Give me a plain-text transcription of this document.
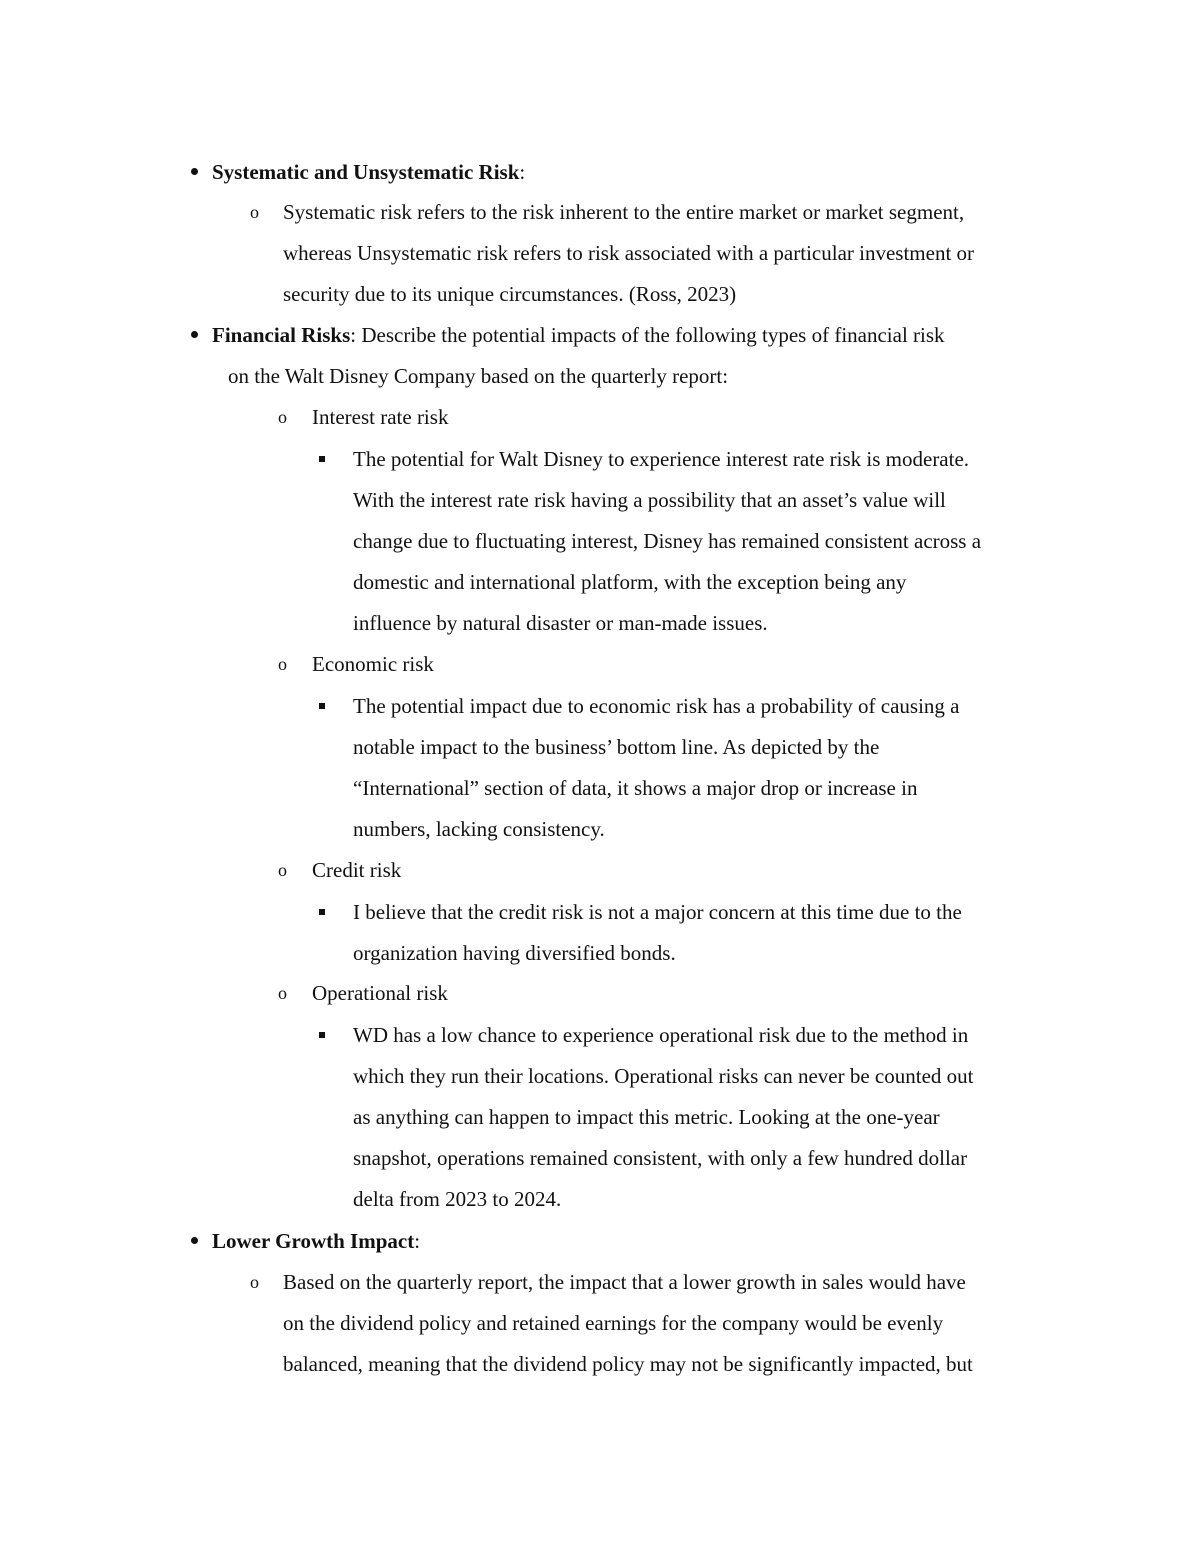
Systematic and Unsystematic Risk:
o Systematic risk refers to the risk inherent to the entire market or market segment,
whereas Unsystematic risk refers to risk associated with a particular investment or
security due to its unique circumstances. (Ross, 2023)
Financial Risks: Describe the potential impacts of the following types of financial risk
on the Walt Disney Company based on the quarterly report:
o Interest rate risk
The potential for Walt Disney to experience interest rate risk is moderate.
With the interest rate risk having a possibility that an asset’s value will
change due to fluctuating interest, Disney has remained consistent across a
domestic and international platform, with the exception being any
influence by natural disaster or man-made issues.
o Economic risk
The potential impact due to economic risk has a probability of causing a
notable impact to the business’ bottom line. As depicted by the
“International” section of data, it shows a major drop or increase in
numbers, lacking consistency.
o Credit risk
I believe that the credit risk is not a major concern at this time due to the
organization having diversified bonds.
o Operational risk
WD has a low chance to experience operational risk due to the method in
which they run their locations. Operational risks can never be counted out
as anything can happen to impact this metric. Looking at the one-year
snapshot, operations remained consistent, with only a few hundred dollar
delta from 2023 to 2024.
Lower Growth Impact:
o Based on the quarterly report, the impact that a lower growth in sales would have
on the dividend policy and retained earnings for the company would be evenly
balanced, meaning that the dividend policy may not be significantly impacted, but
